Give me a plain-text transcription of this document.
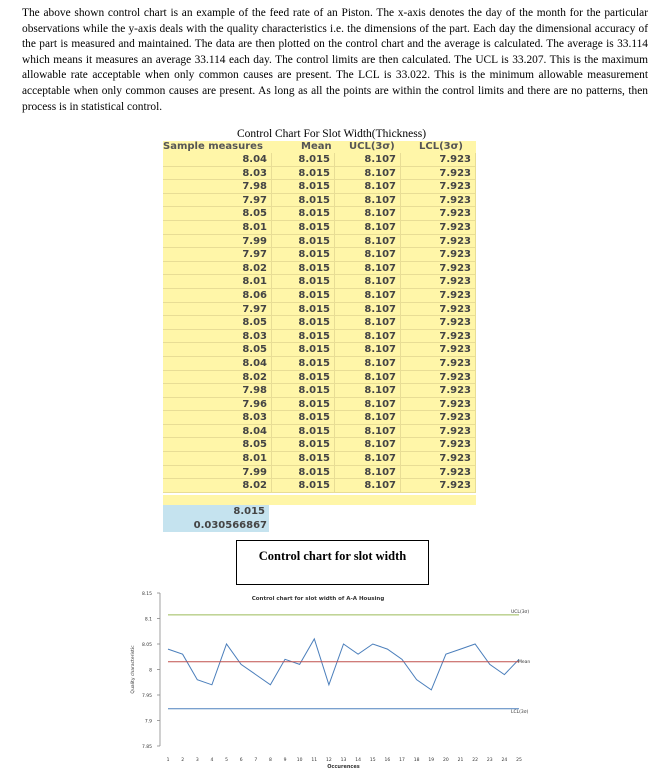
The above shown control chart is an example of the feed rate of an Piston. The x-axis denotes the day of the month for the particular observations while the y-axis deals with the quality characteristics i.e. the dimensions of the part. Each day the dimensional accuracy of the part is measured and maintained. The data are then plotted on the control chart and the average is calculated. The average is 33.114 which means it measures an average 33.114 each day. The control limits are then calculated. The UCL is 33.207. This is the maximum allowable rate acceptable when only common causes are present. The LCL is 33.022. This is the minimum allowable measurement acceptable when only common causes are present. As long as all the points are within the control limits and there are no patterns, then process is in statistical control.
Control Chart For Slot Width(Thickness)
Sample measures	Mean UCL(3σ) LCL(3σ)
8.04	8.015	8.107	7.923
8.03	8.015	8.107	7.923
7.98	8.015	8.107	7.923
7.97	8.015	8.107	7.923
8.05	8.015	8.107	7.923
8.01	8.015	8.107	7.923
7.99	8.015	8.107	7.923
7.97	8.015	8.107	7.923
8.02	8.015	8.107	7.923
8.01	8.015	8.107	7.923
8.06	8.015	8.107	7.923
7.97	8.015	8.107	7.923
8.05	8.015	8.107	7.923
8.03	8.015	8.107	7.923
8.05	8.015	8.107	7.923
8.04	8.015	8.107	7.923
8.02	8.015	8.107	7.923
7.98	8.015	8.107	7.923
7.96	8.015	8.107	7.923
8.03	8.015	8.107	7.923
8.04	8.015	8.107	7.923
8.05	8.015	8.107	7.923
8.01	8.015	8.107	7.923
7.99	8.015	8.107	7.923
8.02	8.015	8.107	7.923
8.015
0.030566867
Control chart for slot width
7.85
7.9
7.95
8
8.05
8.1
8.15
1	2	3	4	5	6	7	8	9 10 11 12 13 14 15 16 17 18 19 20 21 22 23 24 25
Quality characteristic
Occurences
Control chart for slot width of A-A Housing
UCL(3σ)
Mean
LCL(3σ)
